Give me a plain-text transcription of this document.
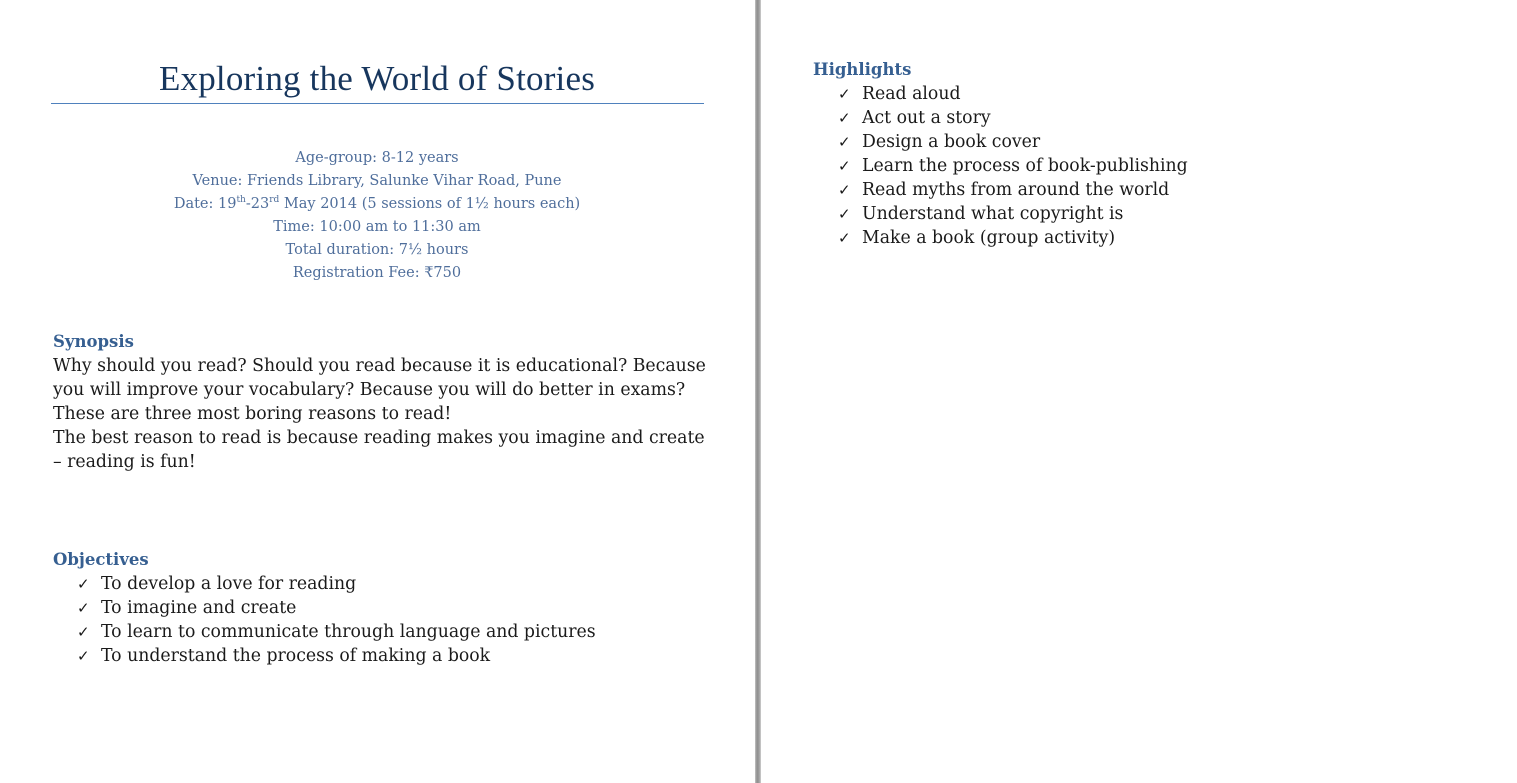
Exploring the World of Stories
Age-group: 8-12 years
Venue: Friends Library, Salunke Vihar Road, Pune
Date: 19th-23rd May 2014 (5 sessions of 1½ hours each)
Time: 10:00 am to 11:30 am
Total duration: 7½ hours
Registration Fee: ₹750
Synopsis

Why should you read? Should you read because it is educational? Because you will improve your vocabulary? Because you will do better in exams?

These are three most boring reasons to read!

The best reason to read is because reading makes you imagine and create – reading is fun!

Objectives
✓ To develop a love for reading
✓ To imagine and create
✓ To learn to communicate through language and pictures
✓ To understand the process of making a book
Highlights
✓ Read aloud
✓ Act out a story
✓ Design a book cover
✓ Learn the process of book-publishing
✓ Read myths from around the world
✓ Understand what copyright is
✓ Make a book (group activity)
